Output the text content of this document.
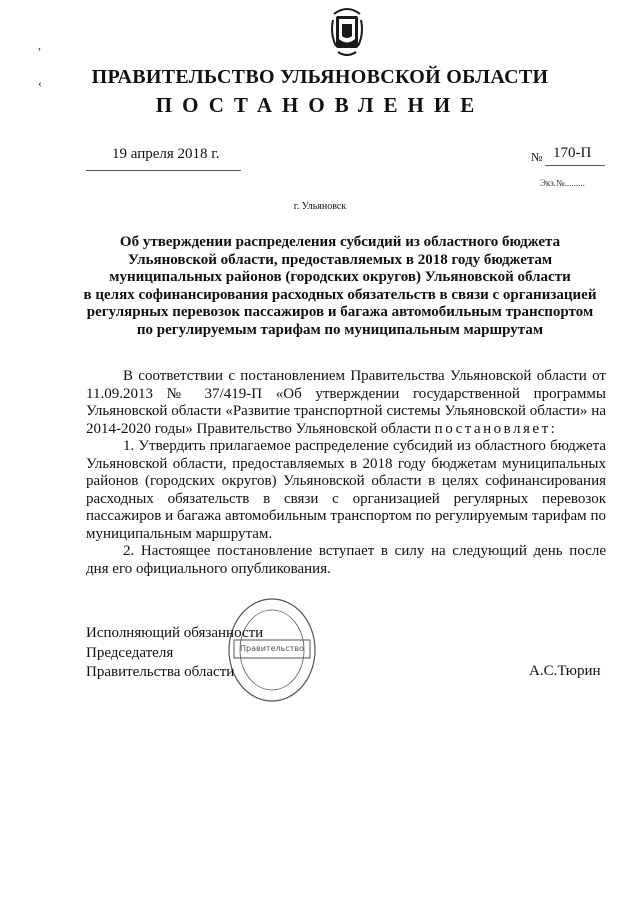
,
‹	ПРАВИТЕЛЬСТВО УЛЬЯНОВСКОЙ ОБЛАСТИ
ПОСТАНОВЛЕНИЕ
19 апреля 2018 г.	№ 170-П
Экз.№.........
г. Ульяновск
Об утверждении распределения субсидий из областного бюджета
Ульяновской области, предоставляемых в 2018 году бюджетам
муниципальных районов (городских округов) Ульяновской области
в целях софинансирования расходных обязательств в связи с организацией
регулярных перевозок пассажиров и багажа автомобильным транспортом
по регулируемым тарифам по муниципальным маршрутам

В соответствии с постановлением Правительства Ульяновской области от 11.09.2013 № 37/419-П «Об утверждении государственной программы Ульяновской области «Развитие транспортной системы Ульяновской области» на 2014-2020 годы» Правительство Ульяновской области постановляет:

1. Утвердить прилагаемое распределение субсидий из областного бюджета Ульяновской области, предоставляемых в 2018 году бюджетам муниципальных районов (городских округов) Ульяновской области в целях софинансирования расходных обязательств в связи с организацией регулярных перевозок пассажиров и багажа автомобильным транспортом по регулируемым тарифам по муниципальным маршрутам.

2. Настоящее постановление вступает в силу на следующий день после дня его официального опубликования.

Правительство
Исполняющий обязанности
Председателя
Правительства области	А.С.Тюрин
